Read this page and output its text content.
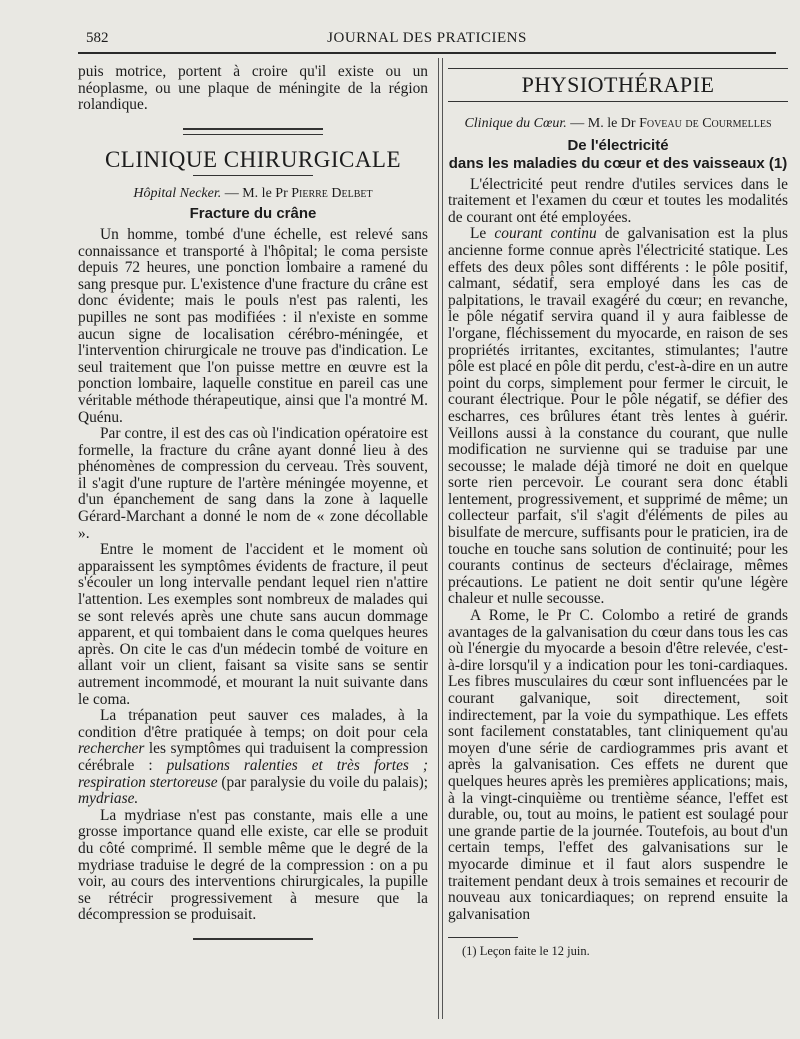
582	JOURNAL DES PRATICIENS

puis motrice, portent à croire qu'il existe ou un néoplasme, ou une plaque de méningite de la région rolandique.

CLINIQUE CHIRURGICALE
Hôpital Necker. — M. le Pr Pierre Delbet
Fracture du crâne

Un homme, tombé d'une échelle, est relevé sans connaissance et transporté à l'hôpital; le coma persiste depuis 72 heures, une ponction lombaire a ramené du sang presque pur. L'existence d'une fracture du crâne est donc évidente; mais le pouls n'est pas ralenti, les pupilles ne sont pas modifiées : il n'existe en somme aucun signe de localisation cérébro-méningée, et l'intervention chirurgicale ne trouve pas d'indication. Le seul traitement que l'on puisse mettre en œuvre est la ponction lombaire, laquelle constitue en pareil cas une véritable méthode thérapeutique, ainsi que l'a montré M. Quénu.

Par contre, il est des cas où l'indication opératoire est formelle, la fracture du crâne ayant donné lieu à des phénomènes de compression du cerveau. Très souvent, il s'agit d'une rupture de l'artère méningée moyenne, et d'un épanchement de sang dans la zone à laquelle Gérard-Marchant a donné le nom de « zone décollable ».

Entre le moment de l'accident et le moment où apparaissent les symptômes évidents de fracture, il peut s'écouler un long intervalle pendant lequel rien n'attire l'attention. Les exemples sont nombreux de malades qui se sont relevés après une chute sans aucun dommage apparent, et qui tombaient dans le coma quelques heures après. On cite le cas d'un médecin tombé de voiture en allant voir un client, faisant sa visite sans se sentir autrement incommodé, et mourant la nuit suivante dans le coma.

La trépanation peut sauver ces malades, à la condition d'être pratiquée à temps; on doit pour cela rechercher les symptômes qui traduisent la compression cérébrale : pulsations ralenties et très fortes ; respiration stertoreuse (par paralysie du voile du palais); mydriase.

La mydriase n'est pas constante, mais elle a une grosse importance quand elle existe, car elle se produit du côté comprimé. Il semble même que le degré de la mydriase traduise le degré de la compression : on a pu voir, au cours des interventions chirurgicales, la pupille se rétrécir progressivement à mesure que la décompression se produisait.

PHYSIOTHÉRAPIE
Clinique du Cœur. — M. le Dr Foveau de Courmelles
De l'électricité
dans les maladies du cœur et des vaisseaux (1)

L'électricité peut rendre d'utiles services dans le traitement et l'examen du cœur et toutes les modalités de courant ont été employées.

Le courant continu de galvanisation est la plus ancienne forme connue après l'électricité statique. Les effets des deux pôles sont différents : le pôle positif, calmant, sédatif, sera employé dans les cas de palpitations, le travail exagéré du cœur; en revanche, le pôle négatif servira quand il y aura faiblesse de l'organe, fléchissement du myocarde, en raison de ses propriétés irritantes, excitantes, stimulantes; l'autre pôle est placé en pôle dit perdu, c'est-à-dire en un autre point du corps, simplement pour fermer le circuit, le courant électrique. Pour le pôle négatif, se défier des escharres, ces brûlures étant très lentes à guérir. Veillons aussi à la constance du courant, que nulle modification ne survienne qui se traduise par une secousse; le malade déjà timoré ne doit en quelque sorte rien percevoir. Le courant sera donc établi lentement, progressivement, et supprimé de même; un collecteur parfait, s'il s'agit d'éléments de piles au bisulfate de mercure, suffisants pour le praticien, ira de touche en touche sans solution de continuité; pour les courants continus de secteurs d'éclairage, mêmes précautions. Le patient ne doit sentir qu'une légère chaleur et nulle secousse.

A Rome, le Pr C. Colombo a retiré de grands avantages de la galvanisation du cœur dans tous les cas où l'énergie du myocarde a besoin d'être relevée, c'est-à-dire lorsqu'il y a indication pour les toni-cardiaques. Les fibres musculaires du cœur sont influencées par le courant galvanique, soit directement, soit indirectement, par la voie du sympathique. Les effets sont facilement constatables, tant cliniquement qu'au moyen d'une série de cardiogrammes pris avant et après la galvanisation. Ces effets ne durent que quelques heures après les premières applications; mais, à la vingt-cinquième ou trentième séance, l'effet est durable, ou, tout au moins, le patient est soulagé pour une grande partie de la journée. Toutefois, au bout d'un certain temps, l'effet des galvanisations sur le myocarde diminue et il faut alors suspendre le traitement pendant deux à trois semaines et recourir de nouveau aux tonicardiaques; on reprend ensuite la galvanisation

(1) Leçon faite le 12 juin.
